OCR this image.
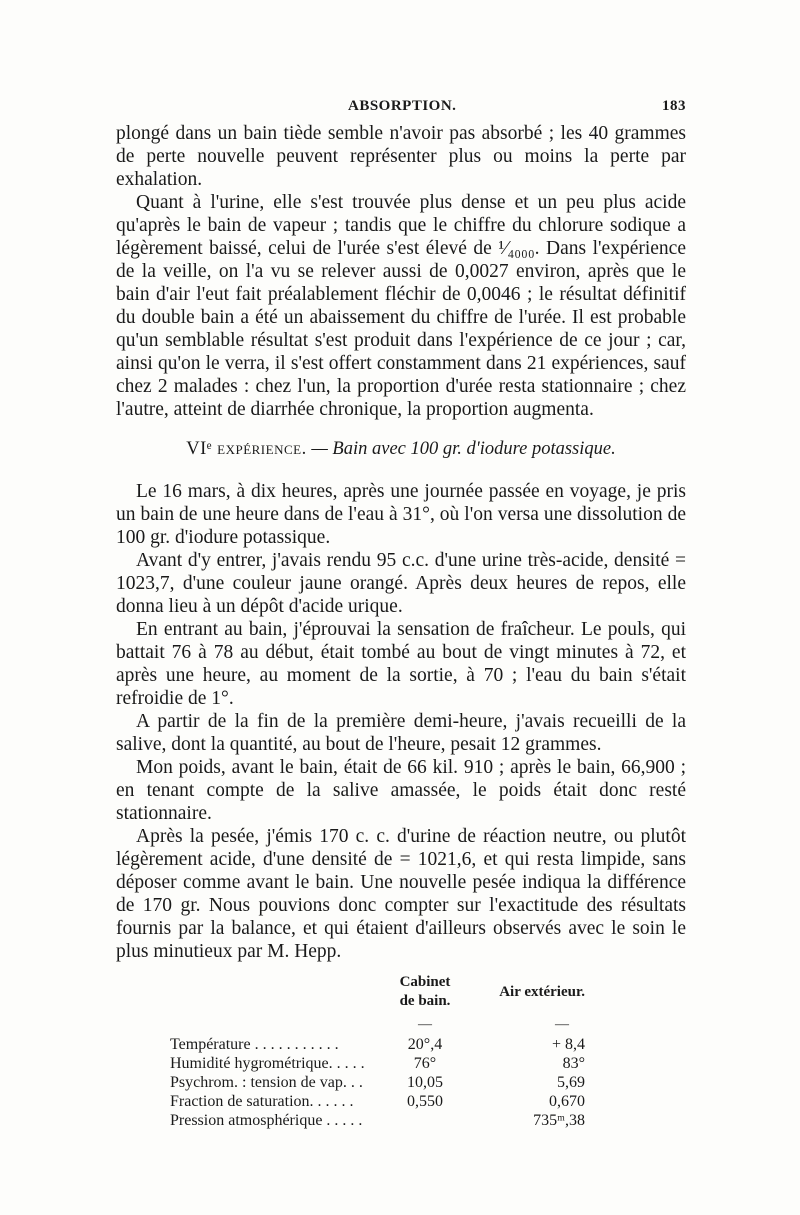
ABSORPTION.	183

plongé dans un bain tiède semble n'avoir pas absorbé ; les 40 grammes de perte nouvelle peuvent représenter plus ou moins la perte par exhalation.

Quant à l'urine, elle s'est trouvée plus dense et un peu plus acide qu'après le bain de vapeur ; tandis que le chiffre du chlorure sodique a légèrement baissé, celui de l'urée s'est élevé de ¹⁄₄₀₀₀. Dans l'expérience de la veille, on l'a vu se relever aussi de 0,0027 environ, après que le bain d'air l'eut fait préalablement fléchir de 0,0046 ; le résultat définitif du double bain a été un abaissement du chiffre de l'urée. Il est probable qu'un semblable résultat s'est produit dans l'expérience de ce jour ; car, ainsi qu'on le verra, il s'est offert constamment dans 21 expériences, sauf chez 2 malades : chez l'un, la proportion d'urée resta stationnaire ; chez l'autre, atteint de diarrhée chronique, la proportion augmenta.

VIᵉ expérience. — Bain avec 100 gr. d'iodure potassique.

Le 16 mars, à dix heures, après une journée passée en voyage, je pris un bain de une heure dans de l'eau à 31°, où l'on versa une dissolution de 100 gr. d'iodure potassique.

Avant d'y entrer, j'avais rendu 95 c.c. d'une urine très-acide, densité = 1023,7, d'une couleur jaune orangé. Après deux heures de repos, elle donna lieu à un dépôt d'acide urique.

En entrant au bain, j'éprouvai la sensation de fraîcheur. Le pouls, qui battait 76 à 78 au début, était tombé au bout de vingt minutes à 72, et après une heure, au moment de la sortie, à 70 ; l'eau du bain s'était refroidie de 1°.

A partir de la fin de la première demi-heure, j'avais recueilli de la salive, dont la quantité, au bout de l'heure, pesait 12 grammes.

Mon poids, avant le bain, était de 66 kil. 910 ; après le bain, 66,900 ; en tenant compte de la salive amassée, le poids était donc resté stationnaire.

Après la pesée, j'émis 170 c. c. d'urine de réaction neutre, ou plutôt légèrement acide, d'une densité de = 1021,6, et qui resta limpide, sans déposer comme avant le bain. Une nouvelle pesée indiqua la différence de 170 gr. Nous pouvions donc compter sur l'exactitude des résultats fournis par la balance, et qui étaient d'ailleurs observés avec le soin le plus minutieux par M. Hepp.

	Cabinet de bain.	Air extérieur.
	—	—
Température . . . . . . . . . . .	20°,4	+ 8,4
Humidité hygrométrique. . . . .	76°	83°
Psychrom. : tension de vap. . .	10,05	5,69
Fraction de saturation. . . . . .	0,550	0,670
Pression atmosphérique . . . . .		735ᵐ,38
